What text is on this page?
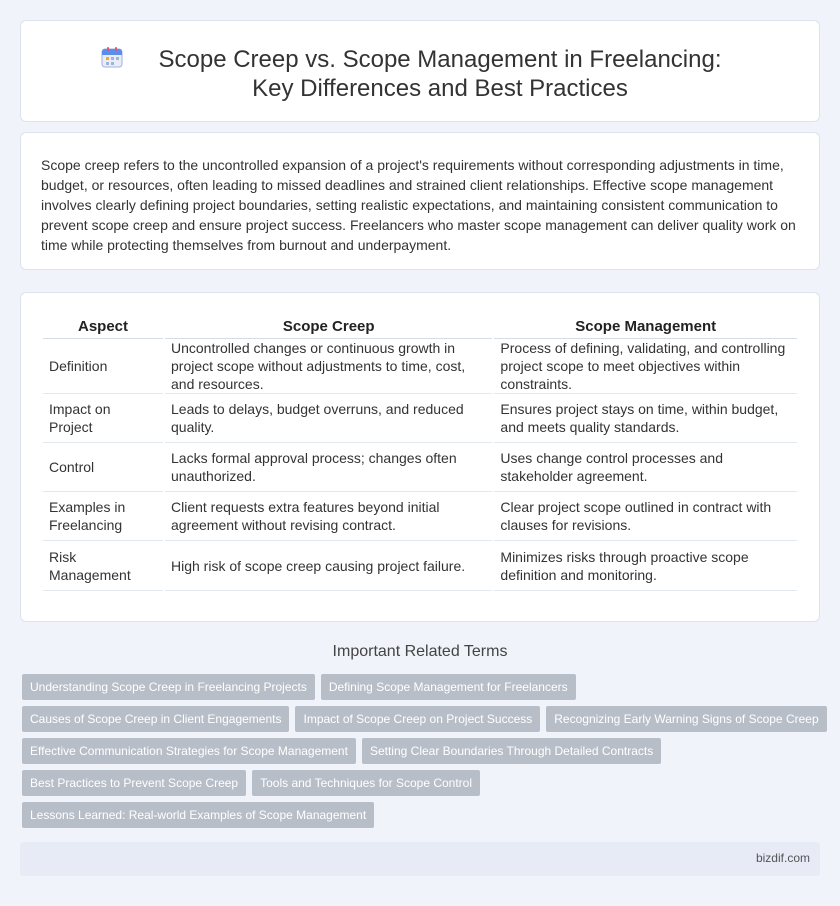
Scope Creep vs. Scope Management in Freelancing: Key Differences and Best Practices

Scope creep refers to the uncontrolled expansion of a project's requirements without corresponding adjustments in time, budget, or resources, often leading to missed deadlines and strained client relationships. Effective scope management involves clearly defining project boundaries, setting realistic expectations, and maintaining consistent communication to prevent scope creep and ensure project success. Freelancers who master scope management can deliver quality work on time while protecting themselves from burnout and underpayment.

Aspect	Scope Creep	Scope Management
Definition	Uncontrolled changes or continuous growth in project scope without adjustments to time, cost, and resources.	Process of defining, validating, and controlling project scope to meet objectives within constraints.
Impact on Project	Leads to delays, budget overruns, and reduced quality.	Ensures project stays on time, within budget, and meets quality standards.
Control	Lacks formal approval process; changes often unauthorized.	Uses change control processes and stakeholder agreement.
Examples in Freelancing	Client requests extra features beyond initial agreement without revising contract.	Clear project scope outlined in contract with clauses for revisions.
Risk Management	High risk of scope creep causing project failure.	Minimizes risks through proactive scope definition and monitoring.
Important Related Terms
Understanding Scope Creep in Freelancing Projects Defining Scope Management for Freelancers
Causes of Scope Creep in Client Engagements Impact of Scope Creep on Project Success Recognizing Early Warning Signs of Scope Creep
Effective Communication Strategies for Scope Management Setting Clear Boundaries Through Detailed Contracts
Best Practices to Prevent Scope Creep Tools and Techniques for Scope Control
Lessons Learned: Real-world Examples of Scope Management
bizdif.com
